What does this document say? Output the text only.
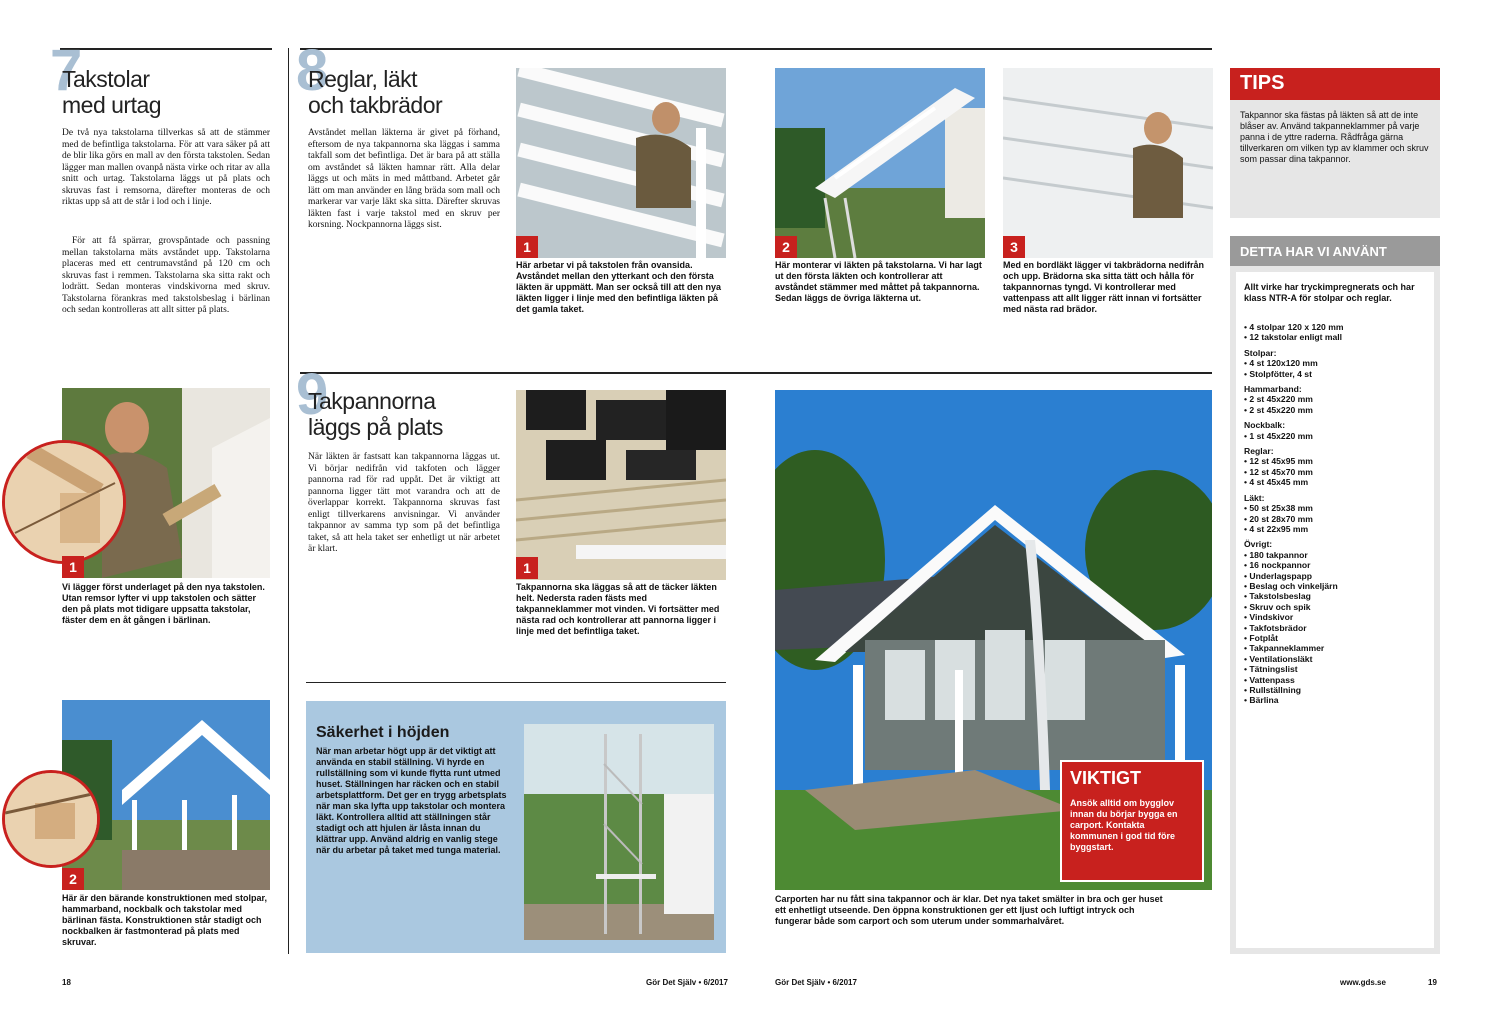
7
Takstolar
med urtag

De två nya takstolarna tillverkas så att de stämmer med de befintliga takstolarna. För att vara säker på att de blir lika görs en mall av den första takstolen. Sedan lägger man mallen ovanpå nästa virke och ritar av alla snitt och urtag. Takstolarna läggs ut på plats och skruvas fast i remsorna, därefter monteras de och riktas upp så att de står i lod och i linje.

För att få spärrar, grovspåntade och passning mellan takstolarna mäts avståndet upp. Takstolarna placeras med ett centrumavstånd på 120 cm och skruvas fast i remmen. Takstolarna ska sitta rakt och lodrätt. Sedan monteras vindskivorna med skruv. Takstolarna förankras med takstolsbeslag i bärlinan och sedan kontrolleras att allt sitter på plats.

1

Vi lägger först underlaget på den nya takstolen. Utan remsor lyfter vi upp takstolen och sätter den på plats mot tidigare uppsatta takstolar, fäster dem en åt gången i bärlinan.

2

Här är den bärande konstruktionen med stolpar, hammarband, nockbalk och takstolar med bärlinan fästa. Konstruktionen står stadigt och nockbalken är fastmonterad på plats med skruvar.

18	Gör Det Själv • 6/2017
8
Reglar, läkt
och takbrädor

Avståndet mellan läkterna är givet på förhand, eftersom de nya takpannorna ska läggas i samma takfall som det befintliga. Det är bara på att ställa om avståndet så läkten hamnar rätt. Alla delar läggs ut och mäts in med måttband. Arbetet går lätt om man använder en lång bräda som mall och markerar var varje läkt ska sitta. Därefter skruvas läkten fast i varje takstol med en skruv per korsning. Nockpannorna läggs sist.

1

Här arbetar vi på takstolen från ovansida. Avståndet mellan den ytterkant och den första läkten är uppmätt. Man ser också till att den nya läkten ligger i linje med den befintliga läkten på det gamla taket.

2

Här monterar vi läkten på takstolarna. Vi har lagt ut den första läkten och kontrollerar att avståndet stämmer med måttet på takpannorna. Sedan läggs de övriga läkterna ut.

3

Med en bordläkt lägger vi takbrädorna nedifrån och upp. Brädorna ska sitta tätt och hålla för takpannornas tyngd. Vi kontrollerar med vattenpass att allt ligger rätt innan vi fortsätter med nästa rad brädor.

9
Takpannorna
läggs på plats

När läkten är fastsatt kan takpannorna läggas ut. Vi börjar nedifrån vid takfoten och lägger pannorna rad för rad uppåt. Det är viktigt att pannorna ligger tätt mot varandra och att de överlappar korrekt. Takpannorna skruvas fast enligt tillverkarens anvisningar. Vi använder takpannor av samma typ som på det befintliga taket, så att hela taket ser enhetligt ut när arbetet är klart.

1

Takpannorna ska läggas så att de täcker läkten helt. Nedersta raden fästs med takpanneklammer mot vinden. Vi fortsätter med nästa rad och kontrollerar att pannorna ligger i linje med det befintliga taket.

Säkerhet i höjden

När man arbetar högt upp är det viktigt att använda en stabil ställning. Vi hyrde en rullställning som vi kunde flytta runt utmed huset. Ställningen har räcken och en stabil arbetsplattform. Det ger en trygg arbetsplats när man ska lyfta upp takstolar och montera läkt. Kontrollera alltid att ställningen står stadigt och att hjulen är låsta innan du klättrar upp. Använd aldrig en vanlig stege när du arbetar på taket med tunga material.

VIKTIGT

Ansök alltid om bygglov innan du börjar bygga en carport. Kontakta kommunen i god tid före byggstart.

Carporten har nu fått sina takpannor och är klar. Det nya taket smälter in bra och ger huset ett enhetligt utseende. Den öppna konstruktionen ger ett ljust och luftigt intryck och fungerar både som carport och som uterum under sommarhalvåret.

TIPS

Takpannor ska fästas på läkten så att de inte blåser av. Använd takpanneklammer på varje panna i de yttre raderna. Rådfråga gärna tillverkaren om vilken typ av klammer och skruv som passar dina takpannor.

DETTA HAR VI ANVÄNT

Allt virke har tryckimpregnerats och har klass NTR-A för stolpar och reglar.

• 4 stolpar 120 x 120 mm
• 12 takstolar enligt mall
Stolpar:
• 4 st 120x120 mm
• Stolpfötter, 4 st
Hammarband:
• 2 st 45x220 mm
• 2 st 45x220 mm
Nockbalk:
• 1 st 45x220 mm
Reglar:
• 12 st 45x95 mm
• 12 st 45x70 mm
• 4 st 45x45 mm
Läkt:
• 50 st 25x38 mm
• 20 st 28x70 mm
• 4 st 22x95 mm
Övrigt:
• 180 takpannor
• 16 nockpannor
• Underlagspapp
• Beslag och vinkeljärn
• Takstolsbeslag
• Skruv och spik
• Vindskivor
• Takfotsbrädor
• Fotplåt
• Takpanneklammer
• Ventilationsläkt
• Tätningslist
• Vattenpass
• Rullställning
• Bärlina
Gör Det Själv • 6/2017	www.gds.se	19
